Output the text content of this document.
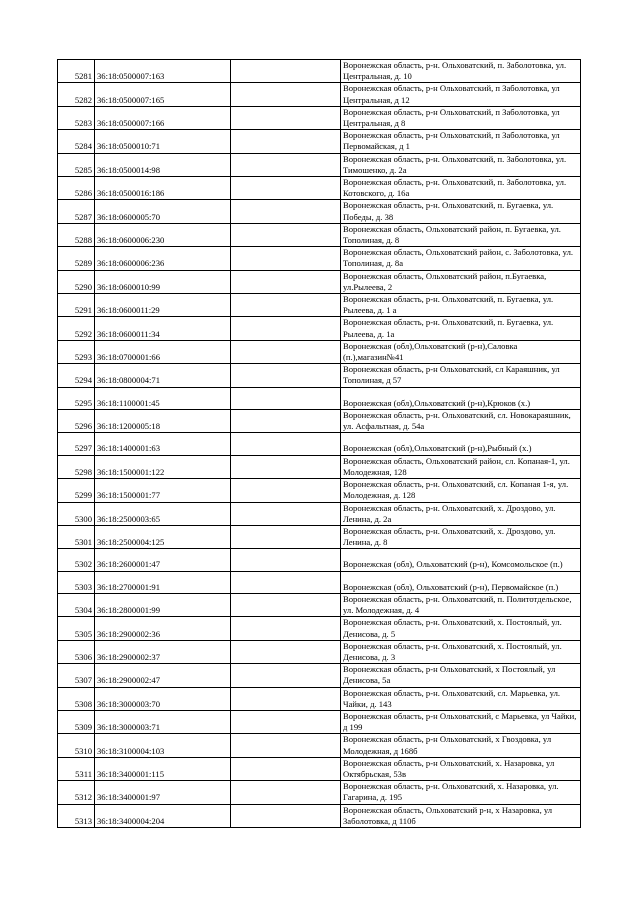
5281	36:18:0500007:163		Воронежская область, р-н. Ольховатский, п. Заболотовка, ул. Центральная, д. 10
5282	36:18:0500007:165		Воронежская область, р-н Ольховатский, п Заболотовка, ул Центральная, д 12
5283	36:18:0500007:166		Воронежская область, р-н Ольховатский, п Заболотовка, ул Центральная, д 8
5284	36:18:0500010:71		Воронежская область, р-н Ольховатский, п Заболотовка, ул Первомайская, д 1
5285	36:18:0500014:98		Воронежская область, р-н. Ольховатский, п. Заболотовка, ул. Тимошенко, д. 2а
5286	36:18:0500016:186		Воронежская область, р-н. Ольховатский, п. Заболотовка, ул. Котовского, д. 16а
5287	36:18:0600005:70		Воронежская область, р-н. Ольховатский, п. Бугаевка, ул. Победы, д. 38
5288	36:18:0600006:230		Воронежская область, Ольховатский район, п. Бугаевка, ул. Тополиная, д. 8
5289	36:18:0600006:236		Воронежская область, Ольховатский район, с. Заболотовка, ул. Тополиная, д. 8а
5290	36:18:0600010:99		Воронежская область, Ольховатский район, п.Бугаевка, ул.Рылеева, 2
5291	36:18:0600011:29		Воронежская область, р-н. Ольховатский, п. Бугаевка, ул. Рылеева, д. 1 а
5292	36:18:0600011:34		Воронежская область, р-н. Ольховатский, п. Бугаевка, ул. Рылеева, д. 1а
5293	36:18:0700001:66		Воронежская (обл),Ольховатский (р-н),Саловка (п.),магазин№41
5294	36:18:0800004:71		Воронежская область, р-н Ольховатский, сл Караяшник, ул Тополиная, д 57
5295	36:18:1100001:45		Воронежская (обл),Ольховатский (р-н),Крюков (х.)
5296	36:18:1200005:18		Воронежская область, р-н. Ольховатский, сл. Новокараяшник, ул. Асфальтная, д. 54а
5297	36:18:1400001:63		Воронежская (обл),Ольховатский (р-н),Рыбный (х.)
5298	36:18:1500001:122		Воронежская область, Ольховатский район, сл. Копаная-1, ул. Молодежная, 128
5299	36:18:1500001:77		Воронежская область, р-н. Ольховатский, сл. Копаная 1-я, ул. Молодежная, д. 128
5300	36:18:2500003:65		Воронежская область, р-н. Ольховатский, х. Дроздово, ул. Ленина, д. 2а
5301	36:18:2500004:125		Воронежская область, р-н. Ольховатский, х. Дроздово, ул. Ленина, д. 8
5302	36:18:2600001:47		Воронежская (обл), Ольховатский (р-н), Комсомольское (п.)
5303	36:18:2700001:91		Воронежская (обл), Ольховатский (р-н), Первомайское (п.)
5304	36:18:2800001:99		Воронежская область, р-н. Ольховатский, п. Политотдельское, ул. Молодежная, д. 4
5305	36:18:2900002:36		Воронежская область, р-н. Ольховатский, х. Постоялый, ул. Денисова, д. 5
5306	36:18:2900002:37		Воронежская область, р-н. Ольховатский, х. Постоялый, ул. Денисова, д. 3
5307	36:18:2900002:47		Воронежская область, р-н Ольховатский, х Постоялый, ул Денисова, 5а
5308	36:18:3000003:70		Воронежская область, р-н. Ольховатский, сл. Марьевка, ул. Чайки, д. 143
5309	36:18:3000003:71		Воронежская область, р-н Ольховатский, с Марьевка, ул Чайки, д 199
5310	36:18:3100004:103		Воронежская область, р-н Ольховатский, х Гвоздовка, ул Молодежная, д 168б
5311	36:18:3400001:115		Воронежская область, р-н Ольховатский, х. Назаровка, ул Октябрьская, 53в
5312	36:18:3400001:97		Воронежская область, р-н. Ольховатский, х. Назаровка, ул. Гагарина, д. 195
5313	36:18:3400004:204		Воронежская область, Ольховатский р-н, х Назаровка, ул Заболотовка, д 110б
